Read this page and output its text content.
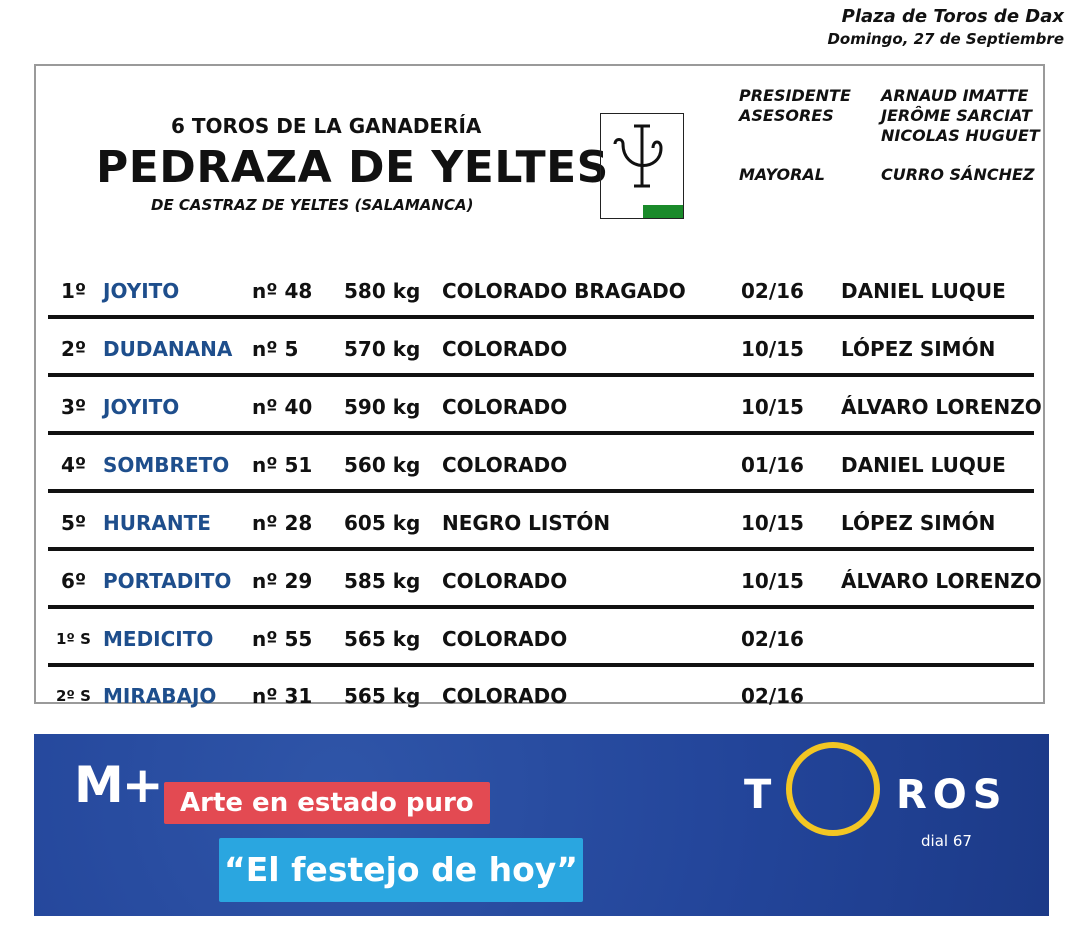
Plaza de Toros de Dax
Domingo, 27 de Septiembre
6 TOROS DE LA GANADERÍA
PEDRAZA DE YELTES
DE CASTRAZ DE YELTES (SALAMANCA)
PRESIDENTE ARNAUD IMATTE
ASESORES	JERÔME SARCIAT
NICOLAS HUGUET
MAYORAL	CURRO SÁNCHEZ
1º JOYITO	nº 48 580 kg COLORADO BRAGADO	02/16 DANIEL LUQUE
2º DUDANANA nº 5 570 kg COLORADO	10/15 LÓPEZ SIMÓN
3º JOYITO	nº 40 590 kg COLORADO	10/15 ÁLVARO LORENZO
4º SOMBRETO nº 51 560 kg COLORADO	01/16 DANIEL LUQUE
5º HURANTE nº 28 605 kg NEGRO LISTÓN	10/15 LÓPEZ SIMÓN
6º PORTADITO nº 29 585 kg COLORADO	10/15 ÁLVARO LORENZO
1º S MEDICITO nº 55 565 kg COLORADO	02/16
2º S MIRABAJO nº 31 565 kg COLORADO	02/16
M+ Arte en estado puro
“El festejo de hoy”
T	ROS
dial 67
